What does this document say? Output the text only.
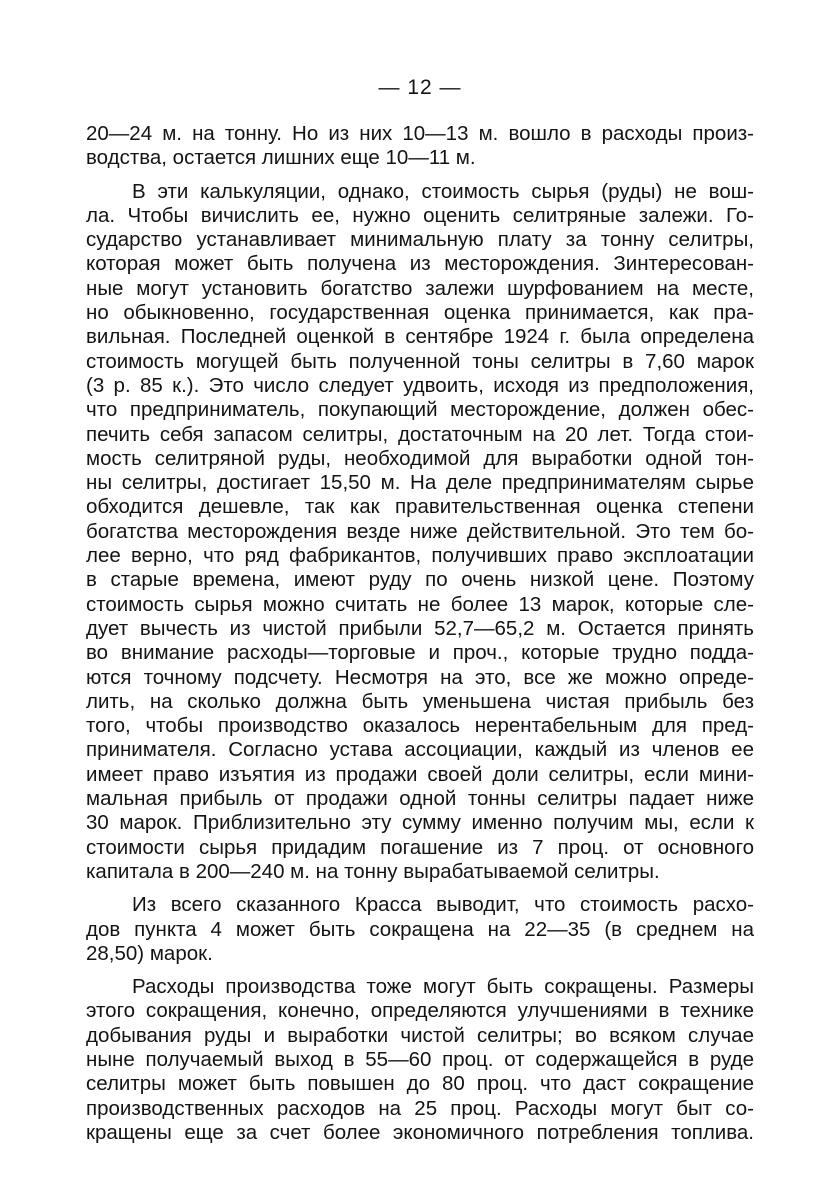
— 12 —
20—24 м. на тонну. Но из них 10—13 м. вошло в расходы произ-
водства, остается лишних еще 10—11 м.
В эти калькуляции, однако, стоимость сырья (руды) не вош-
ла. Чтобы вичислить ее, нужно оценить селитряные залежи. Го-
сударство устанавливает минимальную плату за тонну селитры,
которая может быть получена из месторождения. Зинтересован-
ные могут установить богатство залежи шурфованием на месте,
но обыкновенно, государственная оценка принимается, как пра-
вильная. Последней оценкой в сентябре 1924 г. была определена
стоимость могущей быть полученной тоны селитры в 7,60 марок
(3 р. 85 к.). Это число следует удвоить, исходя из предположения,
что предприниматель, покупающий месторождение, должен обес-
печить себя запасом селитры, достаточным на 20 лет. Тогда стои-
мость селитряной руды, необходимой для выработки одной тон-
ны селитры, достигает 15,50 м. На деле предпринимателям сырье
обходится дешевле, так как правительственная оценка степени
богатства месторождения везде ниже действительной. Это тем бо-
лее верно, что ряд фабрикантов, получивших право эксплоатации
в старые времена, имеют руду по очень низкой цене. Поэтому
стоимость сырья можно считать не более 13 марок, которые сле-
дует вычесть из чистой прибыли 52,7—65,2 м. Остается принять
во внимание расходы—торговые и проч., которые трудно подда-
ются точному подсчету. Несмотря на это, все же можно опреде-
лить, на сколько должна быть уменьшена чистая прибыль без
того, чтобы производство оказалось нерентабельным для пред-
принимателя. Согласно устава ассоциации, каждый из членов ее
имеет право изъятия из продажи своей доли селитры, если мини-
мальная прибыль от продажи одной тонны селитры падает ниже
30 марок. Приблизительно эту сумму именно получим мы, если к
стоимости сырья придадим погашение из 7 проц. от основного
капитала в 200—240 м. на тонну вырабатываемой селитры.
Из всего сказанного Красса выводит, что стоимость расхо-
дов пункта 4 может быть сокращена на 22—35 (в среднем на
28,50) марок.
Расходы производства тоже могут быть сокращены. Размеры
этого сокращения, конечно, определяются улучшениями в технике
добывания руды и выработки чистой селитры; во всяком случае
ныне получаемый выход в 55—60 проц. от содержащейся в руде
селитры может быть повышен до 80 проц. что даст сокращение
производственных расходов на 25 проц. Расходы могут быт со-
кращены еще за счет более экономичного потребления топлива.
